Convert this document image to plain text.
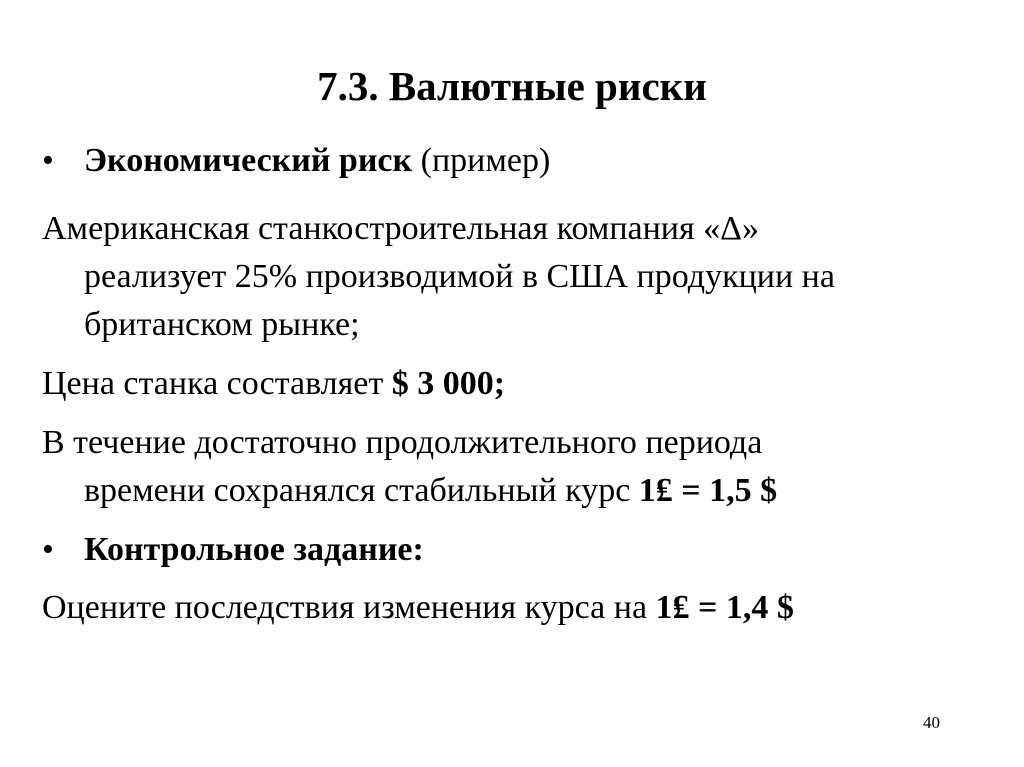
7.3. Валютные риски
• Экономический риск (пример)
Американская станкостроительная компания «Δ»
реализует 25% производимой в США продукции на
британском рынке;
Цена станка составляет $ 3 000;
В течение достаточно продолжительного периода
времени сохранялся стабильный курс 1₤ = 1,5 $
• Контрольное задание:
Оцените последствия изменения курса на 1₤ = 1,4 $
40
